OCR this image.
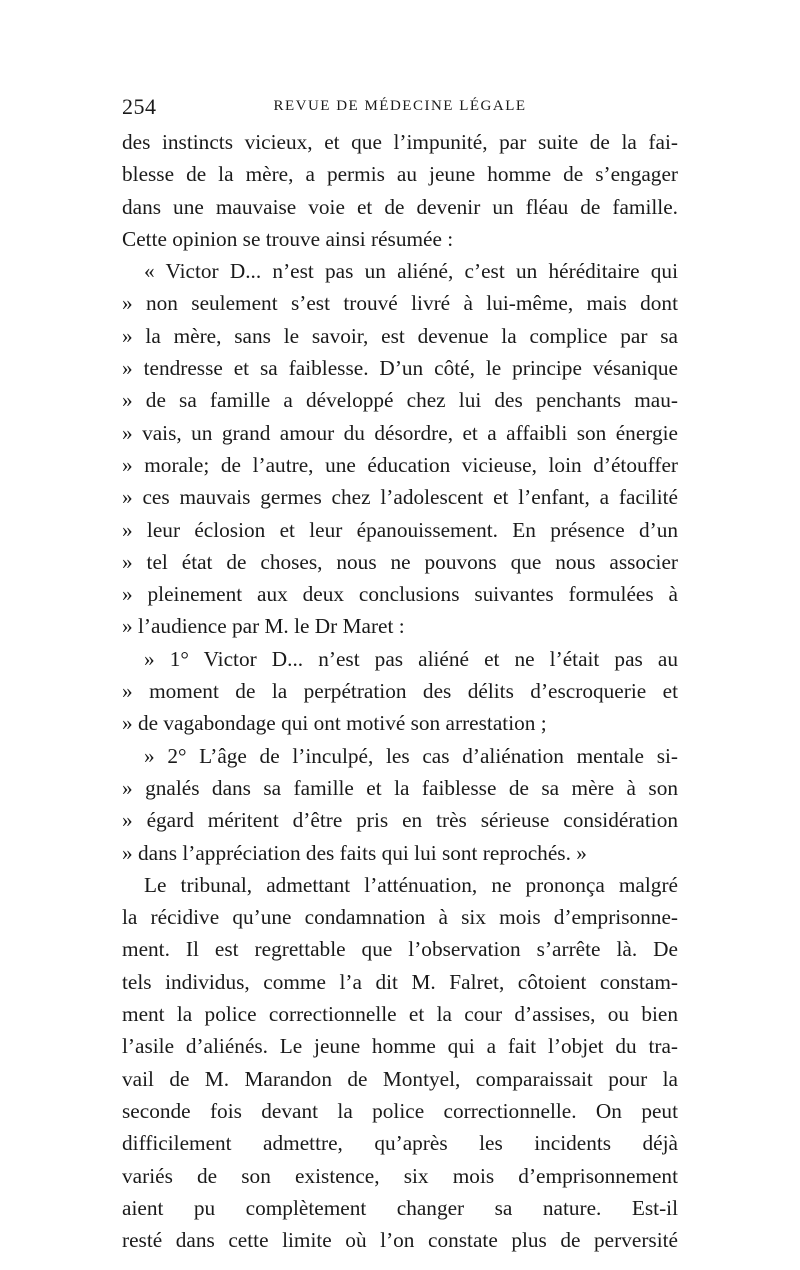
254	REVUE DE MÉDECINE LÉGALE
des instincts vicieux, et que l’impunité, par suite de la fai-
blesse de la mère, a permis au jeune homme de s’engager
dans une mauvaise voie et de devenir un fléau de famille.
Cette opinion se trouve ainsi résumée :
« Victor D... n’est pas un aliéné, c’est un héréditaire qui
» non seulement s’est trouvé livré à lui-même, mais dont
» la mère, sans le savoir, est devenue la complice par sa
» tendresse et sa faiblesse. D’un côté, le principe vésanique
» de sa famille a développé chez lui des penchants mau-
» vais, un grand amour du désordre, et a affaibli son énergie
» morale; de l’autre, une éducation vicieuse, loin d’étouffer
» ces mauvais germes chez l’adolescent et l’enfant, a facilité
» leur éclosion et leur épanouissement. En présence d’un
» tel état de choses, nous ne pouvons que nous associer
» pleinement aux deux conclusions suivantes formulées à
» l’audience par M. le Dr Maret :
» 1° Victor D... n’est pas aliéné et ne l’était pas au
» moment de la perpétration des délits d’escroquerie et
» de vagabondage qui ont motivé son arrestation ;
» 2° L’âge de l’inculpé, les cas d’aliénation mentale si-
» gnalés dans sa famille et la faiblesse de sa mère à son
» égard méritent d’être pris en très sérieuse considération
» dans l’appréciation des faits qui lui sont reprochés. »
Le tribunal, admettant l’atténuation, ne prononça malgré
la récidive qu’une condamnation à six mois d’emprisonne-
ment. Il est regrettable que l’observation s’arrête là. De
tels individus, comme l’a dit M. Falret, côtoient constam-
ment la police correctionnelle et la cour d’assises, ou bien
l’asile d’aliénés. Le jeune homme qui a fait l’objet du tra-
vail de M. Marandon de Montyel, comparaissait pour la
seconde fois devant la police correctionnelle. On peut
difficilement admettre, qu’après les incidents déjà
variés de son existence, six mois d’emprisonnement
aient pu complètement changer sa nature. Est-il
resté dans cette limite où l’on constate plus de perversité
